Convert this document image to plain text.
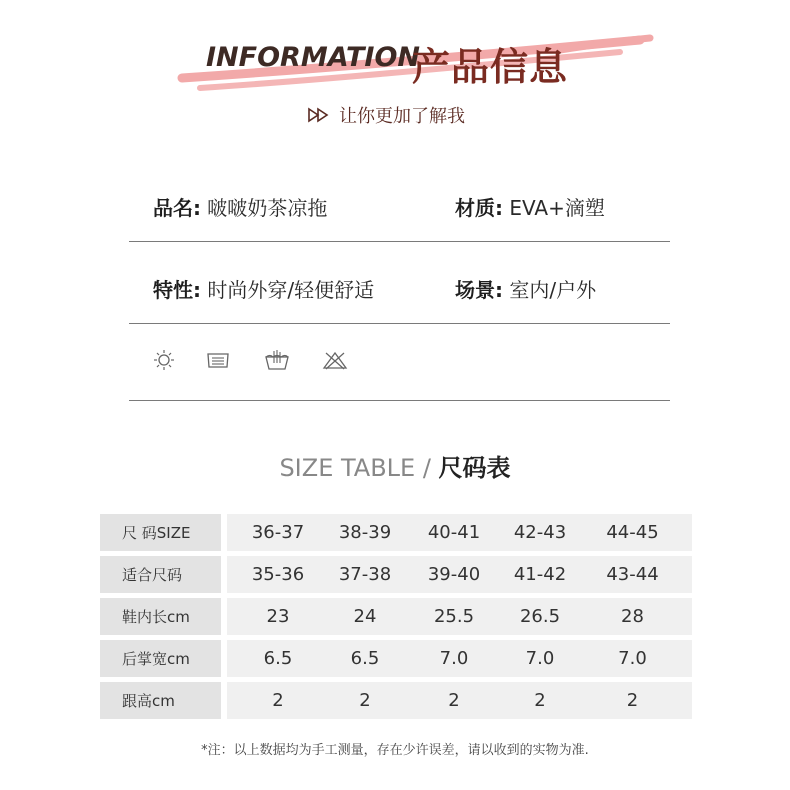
INFORMATION
产品信息
让你更加了解我
品名: 啵啵奶茶凉拖	材质: EVA+滴塑
特性: 时尚外穿/轻便舒适	场景: 室内/户外
SIZE TABLE / 尺码表
尺 码SIZE	36-37	38-39	40-41	42-43	44-45
适合尺码	35-36	37-38	39-40	41-42	43-44
鞋内长cm	23	24	25.5	26.5	28
后掌宽cm	6.5	6.5	7.0	7.0	7.0
跟高cm	2	2	2	2	2
*注：以上数据均为手工测量，存在少许误差，请以收到的实物为准.
